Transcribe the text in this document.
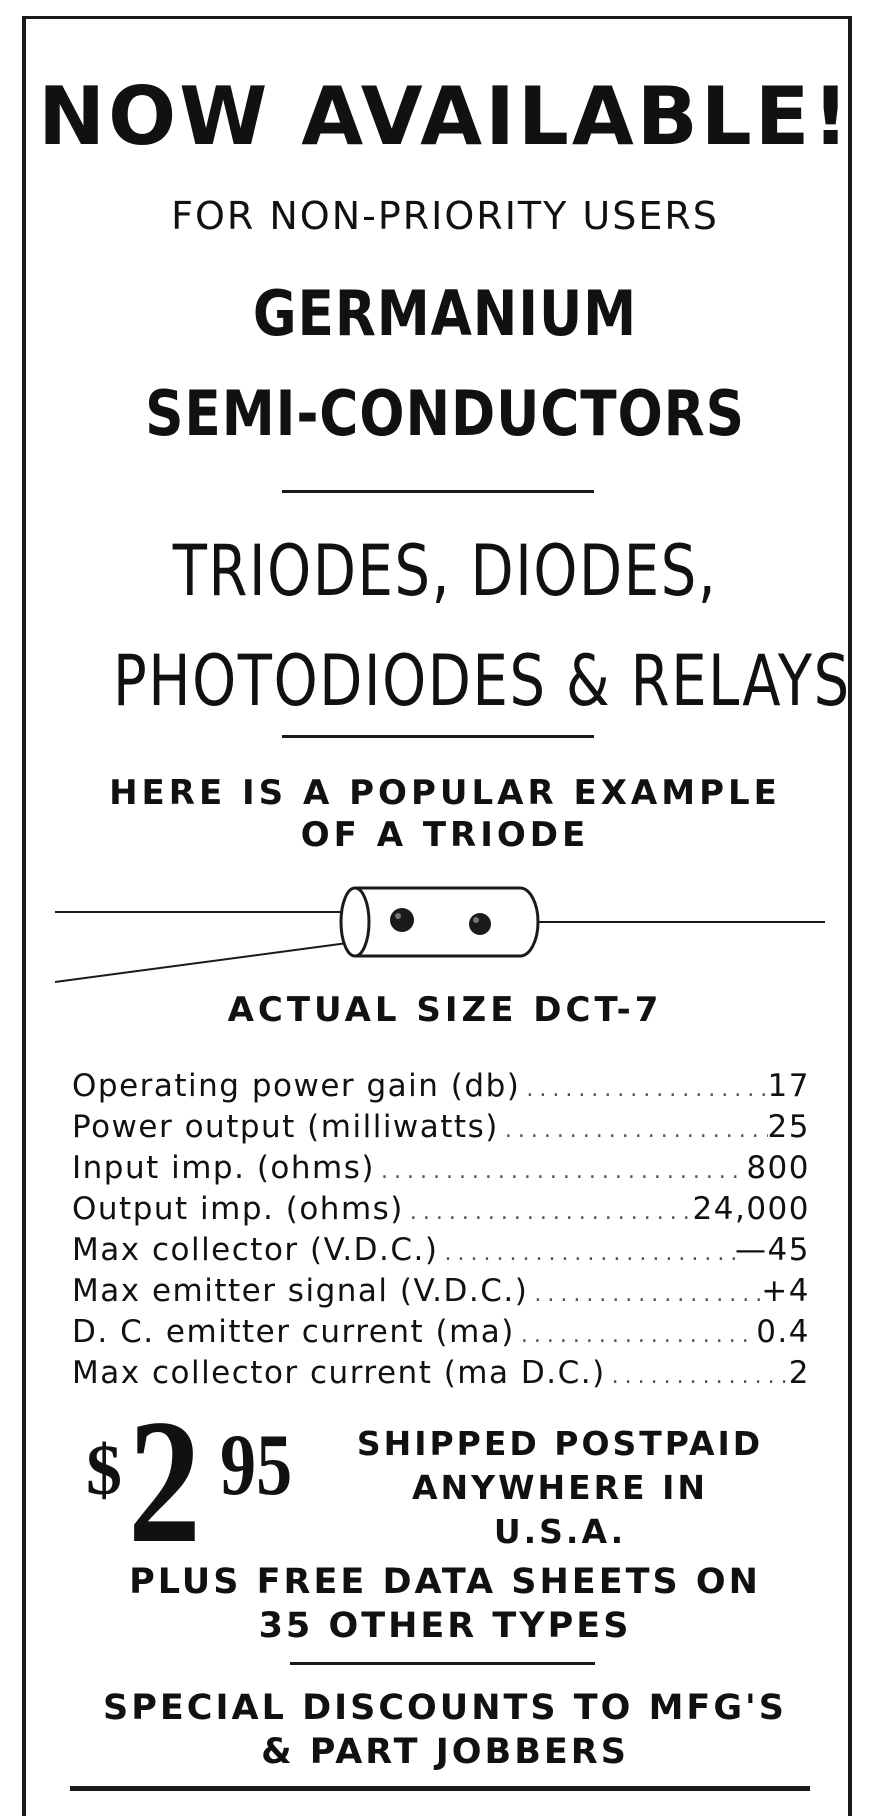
NOW AVAILABLE!
FOR NON-PRIORITY USERS
GERMANIUM
SEMI-CONDUCTORS
TRIODES, DIODES,
PHOTODIODES & RELAYS
HERE IS A POPULAR EXAMPLE
OF A TRIODE
ACTUAL SIZE DCT-7
Operating power gain (db) .....	17
Power output (milliwatts) .....	25
Input imp. (ohms) .....	800
Output imp. (ohms) .....	24,000
Max collector (V.D.C.) .....	—45
Max emitter signal (V.D.C.) .....	+4
D. C. emitter current (ma) .....	0.4
Max collector current (ma D.C.) .....	2
$ 2 95	SHIPPED POSTPAID
ANYWHERE IN
U.S.A.
PLUS FREE DATA SHEETS ON
35 OTHER TYPES
SPECIAL DISCOUNTS TO MFG'S
& PART JOBBERS
